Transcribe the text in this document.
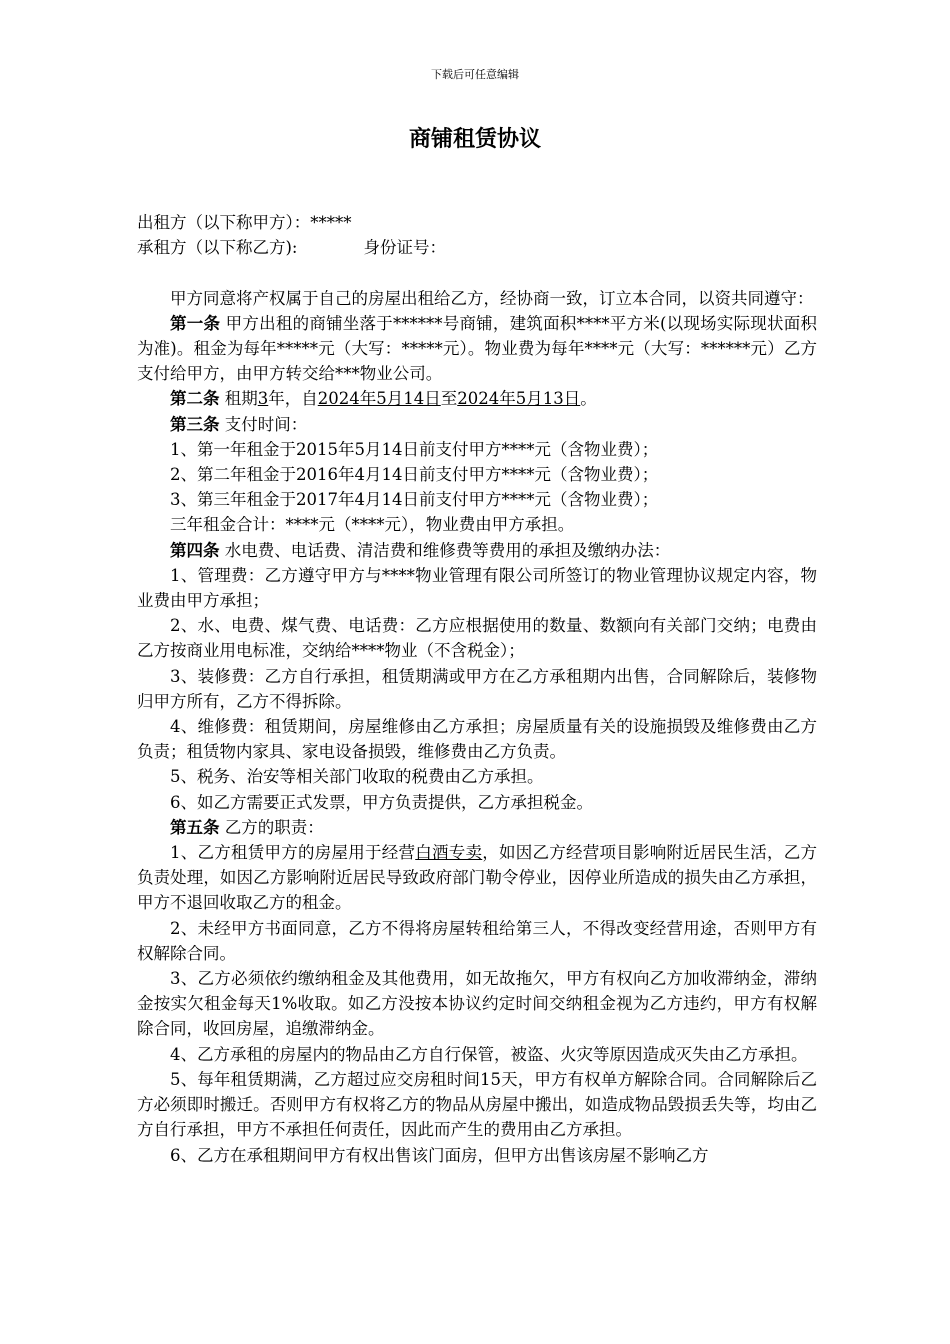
下载后可任意编辑
商铺租赁协议

出租方（以下称甲方）：*****

承租方（以下称乙方):	身份证号：

甲方同意将产权属于自己的房屋出租给乙方，经协商一致，订立本合同，以资共同遵守：

第一条 甲方出租的商铺坐落于******号商铺，建筑面积****平方米(以现场实际现状面积为准)。租金为每年*****元（大写：*****元）。物业费为每年****元（大写：******元）乙方支付给甲方，由甲方转交给***物业公司。

第二条 租期3年，自2024年5月14日至2024年5月13日。

第三条 支付时间：

1、第一年租金于2015年5月14日前支付甲方****元（含物业费）；

2、第二年租金于2016年4月14日前支付甲方****元（含物业费）；

3、第三年租金于2017年4月14日前支付甲方****元（含物业费）；

三年租金合计：****元（****元），物业费由甲方承担。

第四条 水电费、电话费、清洁费和维修费等费用的承担及缴纳办法：

1、管理费：乙方遵守甲方与****物业管理有限公司所签订的物业管理协议规定内容，物业费由甲方承担；

2、水、电费、煤气费、电话费：乙方应根据使用的数量、数额向有关部门交纳；电费由乙方按商业用电标准，交纳给****物业（不含税金）；

3、装修费：乙方自行承担，租赁期满或甲方在乙方承租期内出售，合同解除后，装修物归甲方所有，乙方不得拆除。

4、维修费：租赁期间，房屋维修由乙方承担；房屋质量有关的设施损毁及维修费由乙方负责；租赁物内家具、家电设备损毁，维修费由乙方负责。

5、税务、治安等相关部门收取的税费由乙方承担。

6、如乙方需要正式发票，甲方负责提供，乙方承担税金。

第五条 乙方的职责：

1、乙方租赁甲方的房屋用于经营白酒专卖，如因乙方经营项目影响附近居民生活，乙方负责处理，如因乙方影响附近居民导致政府部门勒令停业，因停业所造成的损失由乙方承担，甲方不退回收取乙方的租金。

2、未经甲方书面同意，乙方不得将房屋转租给第三人，不得改变经营用途，否则甲方有权解除合同。

3、乙方必须依约缴纳租金及其他费用，如无故拖欠，甲方有权向乙方加收滞纳金，滞纳金按实欠租金每天1%收取。如乙方没按本协议约定时间交纳租金视为乙方违约，甲方有权解除合同，收回房屋，追缴滞纳金。

4、乙方承租的房屋内的物品由乙方自行保管，被盗、火灾等原因造成灭失由乙方承担。

5、每年租赁期满，乙方超过应交房租时间15天，甲方有权单方解除合同。合同解除后乙方必须即时搬迁。否则甲方有权将乙方的物品从房屋中搬出，如造成物品毁损丢失等，均由乙方自行承担，甲方不承担任何责任，因此而产生的费用由乙方承担。

6、乙方在承租期间甲方有权出售该门面房，但甲方出售该房屋不影响乙方
